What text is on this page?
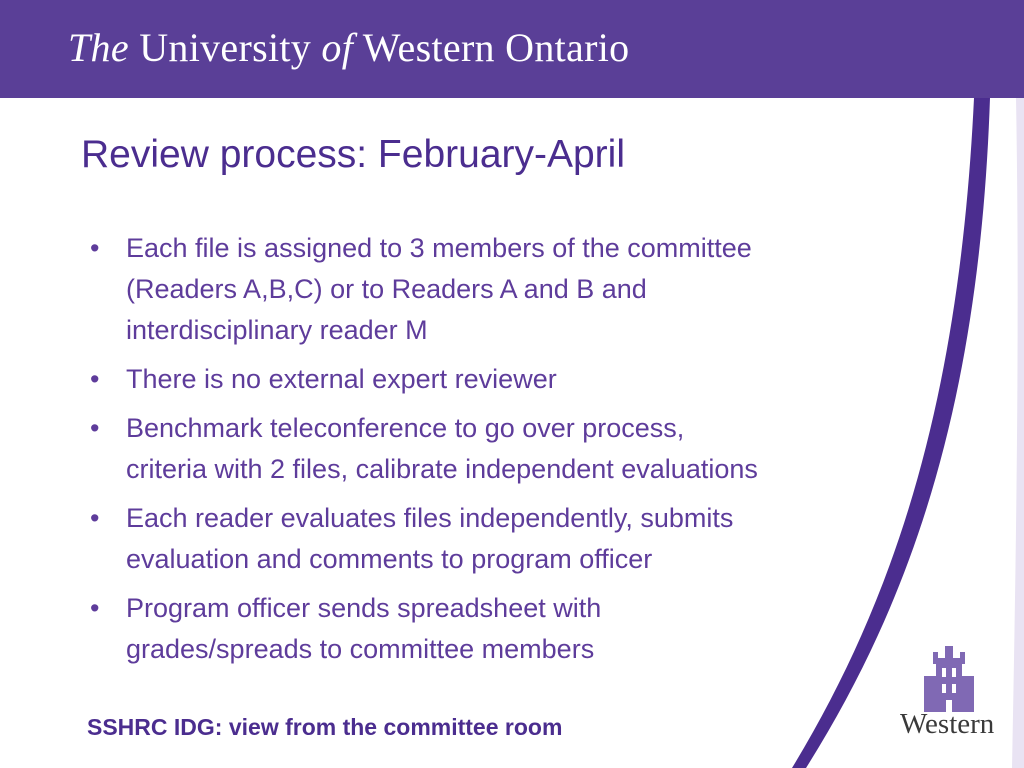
The University of Western Ontario
Review process: February-April
• Each file is assigned to 3 members of the committee
(Readers A,B,C) or to Readers A and B and
interdisciplinary reader M
• There is no external expert reviewer
• Benchmark teleconference to go over process,
criteria with 2 files, calibrate independent evaluations
• Each reader evaluates files independently, submits
evaluation and comments to program officer
• Program officer sends spreadsheet with
grades/spreads to committee members
SSHRC IDG: view from the committee room	Western
